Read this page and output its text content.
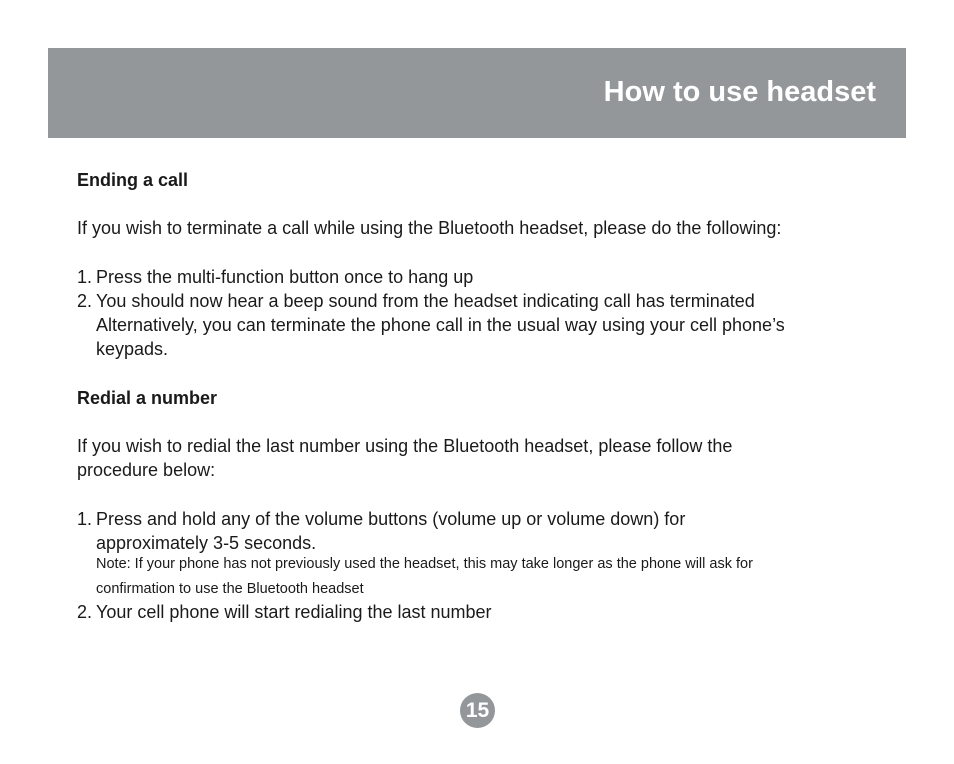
How to use headset
Ending a call
If you wish to terminate a call while using the Bluetooth headset, please do the following:
1. Press the multi-function button once to hang up
2. You should now hear a beep sound from the headset indicating call has terminated
Alternatively, you can terminate the phone call in the usual way using your cell phone’s
keypads.
Redial a number
If you wish to redial the last number using the Bluetooth headset, please follow the
procedure below:
1. Press and hold any of the volume buttons (volume up or volume down) for
approximately 3-5 seconds.
Note: If your phone has not previously used the headset, this may take longer as the phone will ask for
confirmation to use the Bluetooth headset
2. Your cell phone will start redialing the last number
15
